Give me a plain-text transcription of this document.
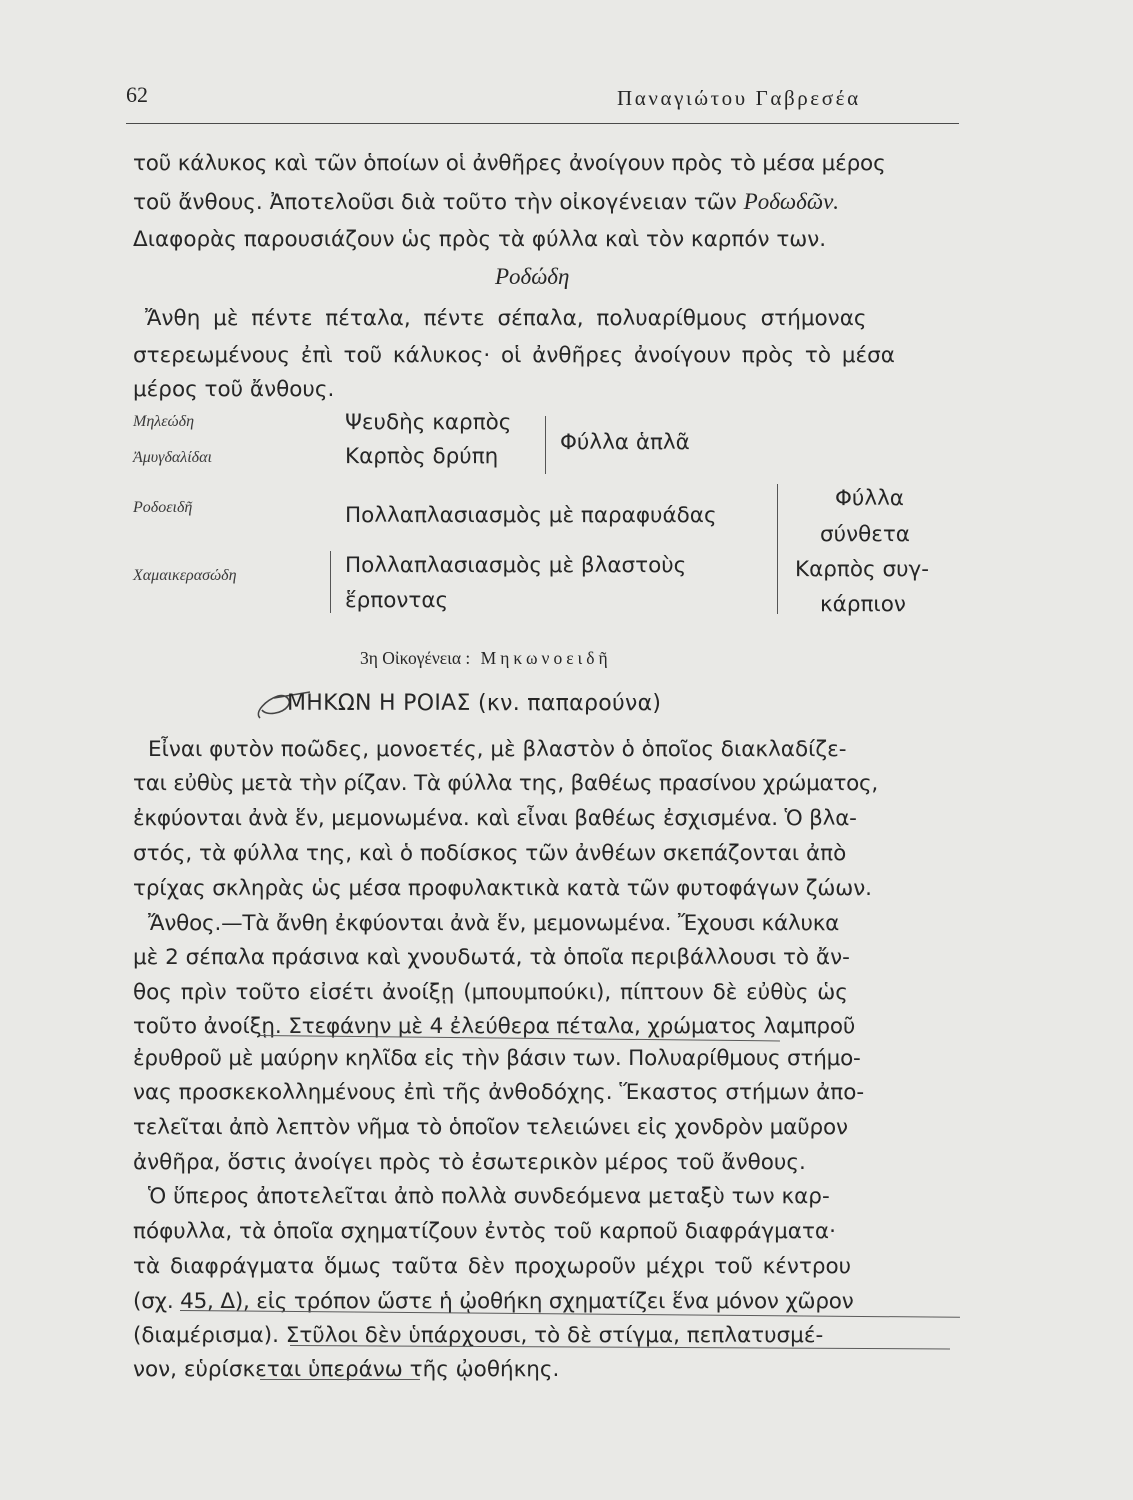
62	Παναγιώτου Γαβρεσέα
τοῦ κάλυκος καὶ τῶν ὁποίων οἱ ἀνθῆρες ἀνοίγουν πρὸς τὸ μέσα μέρος
τοῦ ἄνθους. Ἀποτελοῦσι διὰ τοῦτο τὴν οἰκογένειαν τῶν Ροδωδῶν.
Διαφορὰς παρουσιάζουν ὡς πρὸς τὰ φύλλα καὶ τὸν καρπόν των.
Ροδώδη
Ἄνθη μὲ πέντε πέταλα, πέντε σέπαλα, πολυαρίθμους στήμονας
στερεωμένους ἐπὶ τοῦ κάλυκος· οἱ ἀνθῆρες ἀνοίγουν πρὸς τὸ μέσα
μέρος τοῦ ἄνθους.
Μηλεώδη
Ἀμυγδαλίδαι
Ροδοειδῆ
Χαμαικερασώδη
Ψευδὴς καρπὸς
Καρπὸς δρύπη
Πολλαπλασιασμὸς μὲ παραφυάδας
Πολλαπλασιασμὸς μὲ βλαστοὺς
ἕρποντας
Φύλλα ἁπλᾶ
Φύλλα
σύνθετα
Καρπὸς συγ-
κάρπιον
3η Οἰκογένεια : Μηκωνοειδῆ
ΜΗΚΩΝ Η ΡΟΙΑΣ (κν. παπαρούνα)
Εἶναι φυτὸν ποῶδες, μονοετές, μὲ βλαστὸν ὁ ὁποῖος διακλαδίζε-
ται εὐθὺς μετὰ τὴν ρίζαν. Τὰ φύλλα της, βαθέως πρασίνου χρώματος,
ἐκφύονται ἀνὰ ἕν, μεμονωμένα. καὶ εἶναι βαθέως ἐσχισμένα. Ὁ βλα-
στός, τὰ φύλλα της, καὶ ὁ ποδίσκος τῶν ἀνθέων σκεπάζονται ἀπὸ
τρίχας σκληρὰς ὡς μέσα προφυλακτικὰ κατὰ τῶν φυτοφάγων ζώων.
Ἄνθος.—Τὰ ἄνθη ἐκφύονται ἀνὰ ἕν, μεμονωμένα. Ἔχουσι κάλυκα
μὲ 2 σέπαλα πράσινα καὶ χνουδωτά, τὰ ὁποῖα περιβάλλουσι τὸ ἄν-
θος πρὶν τοῦτο εἰσέτι ἀνοίξῃ (μπουμπούκι), πίπτουν δὲ εὐθὺς ὡς
τοῦτο ἀνοίξῃ. Στεφάνην μὲ 4 ἐλεύθερα πέταλα, χρώματος λαμπροῦ
ἐρυθροῦ μὲ μαύρην κηλῖδα εἰς τὴν βάσιν των. Πολυαρίθμους στήμο-
νας προσκεκολλημένους ἐπὶ τῆς ἀνθοδόχης. Ἕκαστος στήμων ἀπο-
τελεῖται ἀπὸ λεπτὸν νῆμα τὸ ὁποῖον τελειώνει εἰς χονδρὸν μαῦρον
ἀνθῆρα, ὅστις ἀνοίγει πρὸς τὸ ἐσωτερικὸν μέρος τοῦ ἄνθους.
Ὁ ὕπερος ἀποτελεῖται ἀπὸ πολλὰ συνδεόμενα μεταξὺ των καρ-
πόφυλλα, τὰ ὁποῖα σχηματίζουν ἐντὸς τοῦ καρποῦ διαφράγματα·
τὰ διαφράγματα ὅμως ταῦτα δὲν προχωροῦν μέχρι τοῦ κέντρου
(σχ. 45, Δ), εἰς τρόπον ὥστε ἡ ᾠοθήκη σχηματίζει ἕνα μόνον χῶρον
(διαμέρισμα). Στῦλοι δὲν ὑπάρχουσι, τὸ δὲ στίγμα, πεπλατυσμέ-
νον, εὑρίσκεται ὑπεράνω τῆς ᾠοθήκης.
